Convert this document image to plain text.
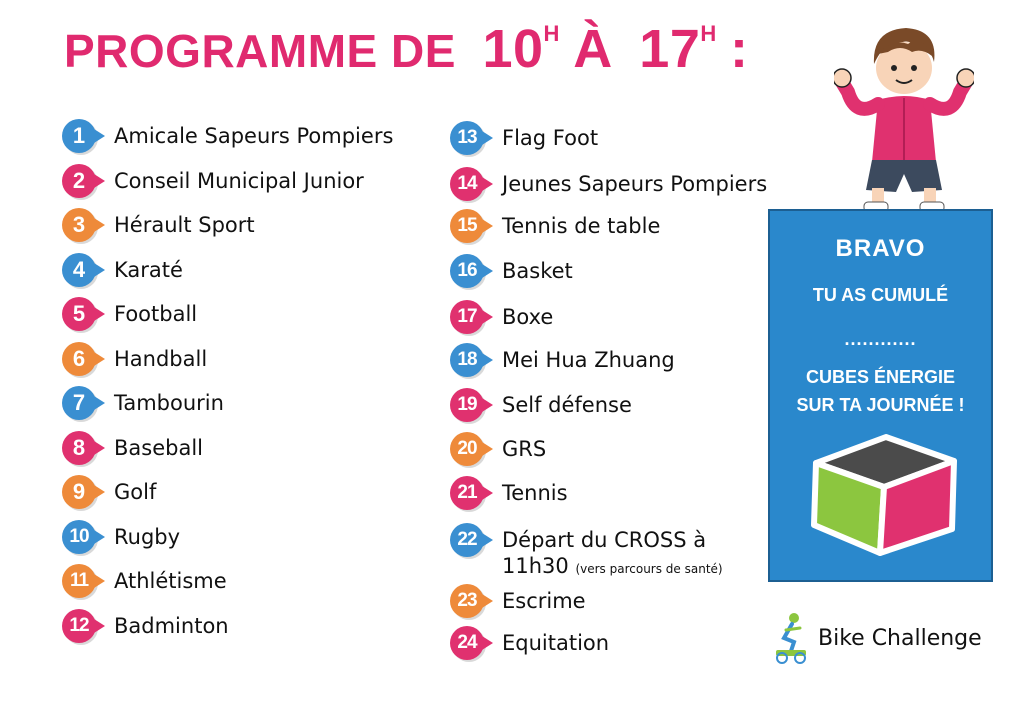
PROGRAMME DE $10^H$ À $17^H$ :
1 Amicale Sapeurs Pompiers
2 Conseil Municipal Junior
3 Hérault Sport
4 Karaté
5 Football
6 Handball
7 Tambourin
8 Baseball
9 Golf
10 Rugby
11 Athlétisme
12 Badminton
13 Flag Foot
14 Jeunes Sapeurs Pompiers
15 Tennis de table
16 Basket
17 Boxe
18 Mei Hua Zhuang
19 Self défense
20 GRS
21 Tennis
22 Départ du CROSS à
11h30 (vers parcours de santé)
23 Escrime
24 Equitation
BRAVO
TU AS CUMULÉ
............
CUBES ÉNERGIE
SUR TA JOURNÉE !
Bike Challenge
